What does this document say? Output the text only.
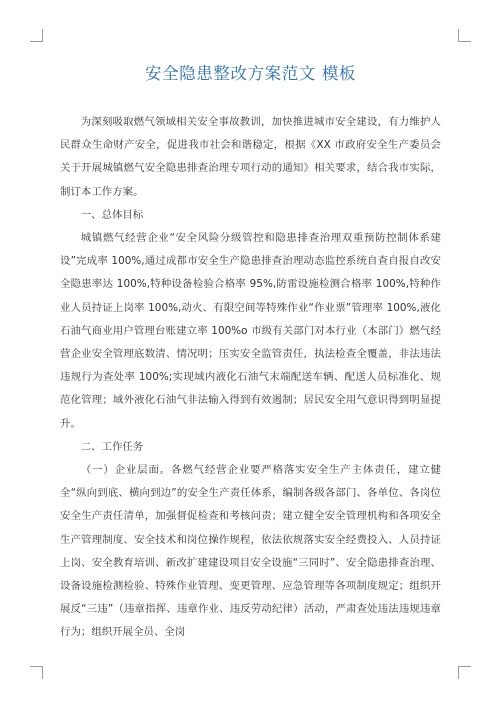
安全隐患整改方案范文 模板

为深刻吸取燃气领域相关安全事故教训，加快推进城市安全建设，有力维护人民群众生命财产安全，促进我市社会和谐稳定，根据《XX 市政府安全生产委员会关于开展城镇燃气安全隐患排查治理专项行动的通知》相关要求，结合我市实际，制订本工作方案。

一、总体目标

城镇燃气经营企业“安全风险分级管控和隐患排查治理双重预防控制体系建设”完成率 100%,通过成都市安全生产隐患排查治理动态监控系统自查自报自改安全隐患率达 100%,特种设备检验合格率 95%,防雷设施检测合格率 100%,特种作业人员持证上岗率 100%,动火、有限空间等特殊作业“作业票”管理率 100%,液化石油气商业用户管理台账建立率 100%o 市级有关部门对本行业（本部门）燃气经营企业安全管理底数清、情况明；压实安全监管责任，执法检查全覆盖，非法违法违规行为查处率 100%;实现域内液化石油气末端配送车辆、配送人员标准化、规范化管理；域外液化石油气非法输入得到有效遏制；居民安全用气意识得到明显提升。

二、工作任务

（一）企业层面。各燃气经营企业要严格落实安全生产主体责任，建立健全“纵向到底、横向到边”的安全生产责任体系，编制各级各部门、各单位、各岗位安全生产责任清单，加强督促检查和考核问责；建立健全安全管理机构和各项安全生产管理制度、安全技术和岗位操作规程，依法依规落实安全经费投入、人员持证上岗、安全教育培训、新改扩建建设项目安全设施“三同时”、安全隐患排查治理、设备设施检测检验、特殊作业管理、变更管理、应急管理等各项制度规定；组织开展反“三违”（违章指挥、违章作业、违反劳动纪律）活动，严肃查处违法违规违章行为；组织开展全员、全岗
